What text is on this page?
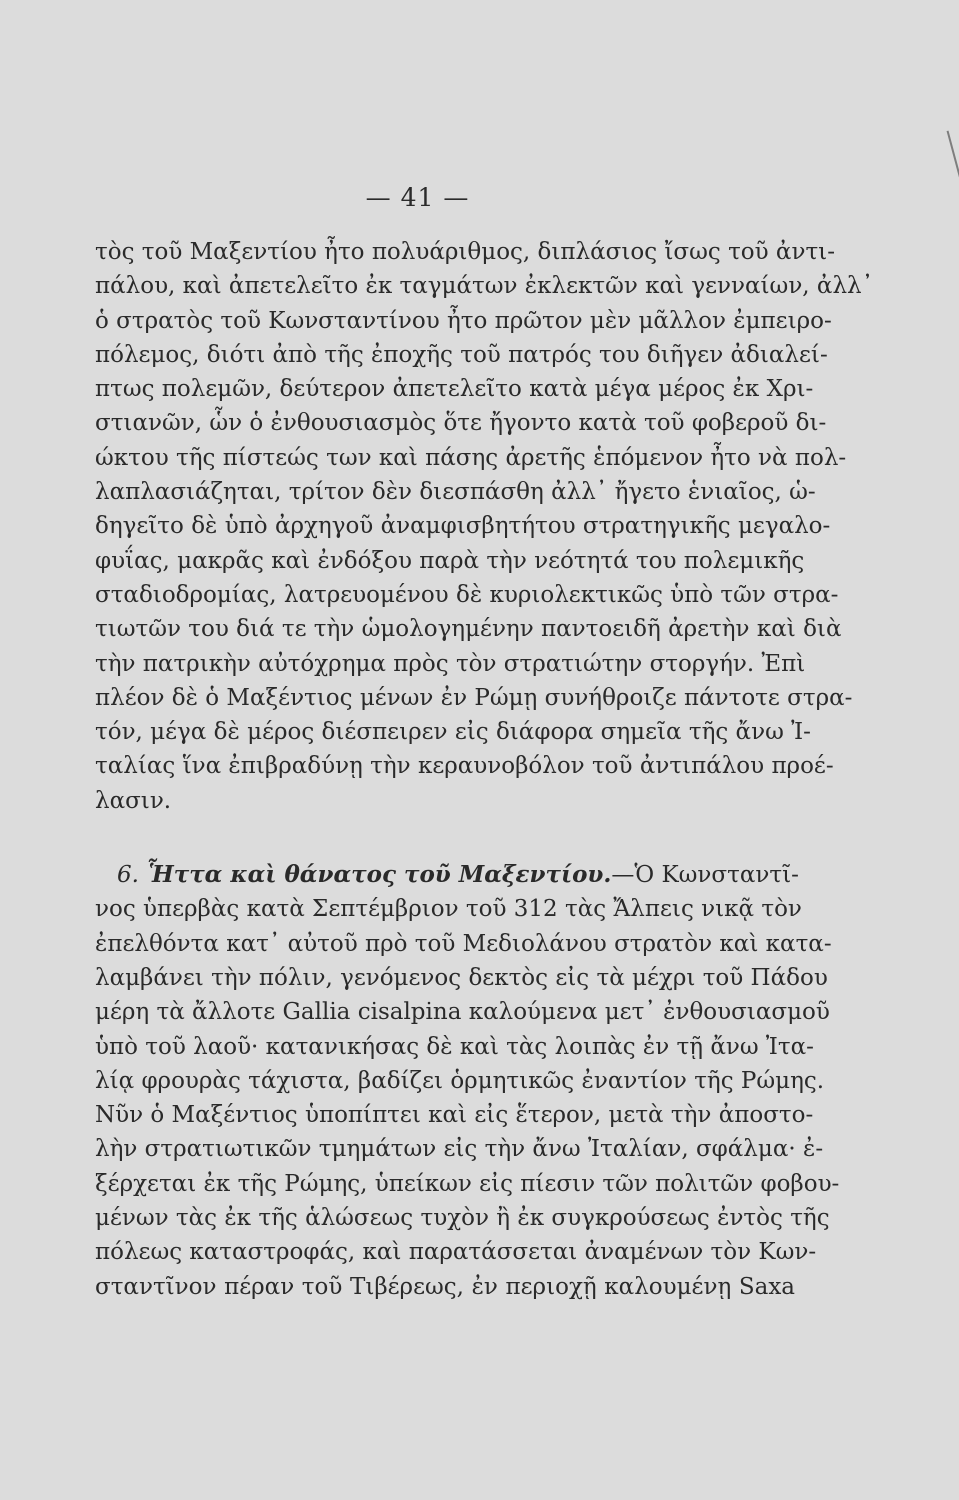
— 41 —
τὸς τοῦ Μαξεντίου ἦτο πολυάριθμος, διπλάσιος ἴσως τοῦ ἀντι-
πάλου, καὶ ἀπετελεῖτο ἐκ ταγμάτων ἐκλεκτῶν καὶ γενναίων, ἀλλ᾽
ὁ στρατὸς τοῦ Κωνσταντίνου ἦτο πρῶτον μὲν μᾶλλον ἐμπειρο-
πόλεμος, διότι ἀπὸ τῆς ἐποχῆς τοῦ πατρός του διῆγεν ἀδιαλεί-
πτως πολεμῶν, δεύτερον ἀπετελεῖτο κατὰ μέγα μέρος ἐκ Χρι-
στιανῶν, ὧν ὁ ἐνθουσιασμὸς ὅτε ἤγοντο κατὰ τοῦ φοβεροῦ δι-
ώκτου τῆς πίστεώς των καὶ πάσης ἀρετῆς ἑπόμενον ἦτο νὰ πολ-
λαπλασιάζηται, τρίτον δὲν διεσπάσθη ἀλλ᾽ ἤγετο ἑνιαῖος, ὡ-
δηγεῖτο δὲ ὑπὸ ἀρχηγοῦ ἀναμφισβητήτου στρατηγικῆς μεγαλο-
φυΐας, μακρᾶς καὶ ἐνδόξου παρὰ τὴν νεότητά του πολεμικῆς
σταδιοδρομίας, λατρευομένου δὲ κυριολεκτικῶς ὑπὸ τῶν στρα-
τιωτῶν του διά τε τὴν ὡμολογημένην παντοειδῆ ἀρετὴν καὶ διὰ
τὴν πατρικὴν αὐτόχρημα πρὸς τὸν στρατιώτην στοργήν. Ἐπὶ
πλέον δὲ ὁ Μαξέντιος μένων ἐν Ρώμῃ συνήθροιζε πάντοτε στρα-
τόν, μέγα δὲ μέρος διέσπειρεν εἰς διάφορα σημεῖα τῆς ἄνω Ἰ-
ταλίας ἵνα ἐπιβραδύνῃ τὴν κεραυνοβόλον τοῦ ἀντιπάλου προέ-
λασιν.
6. Ἧττα καὶ θάνατος τοῦ Μαξεντίου.—Ὁ Κωνσταντῖ-
νος ὑπερβὰς κατὰ Σεπτέμβριον τοῦ 312 τὰς Ἄλπεις νικᾷ τὸν
ἐπελθόντα κατ᾽ αὐτοῦ πρὸ τοῦ Μεδιολάνου στρατὸν καὶ κατα-
λαμβάνει τὴν πόλιν, γενόμενος δεκτὸς εἰς τὰ μέχρι τοῦ Πάδου
μέρη τὰ ἄλλοτε Gallia cisalpina καλούμενα μετ᾽ ἐνθουσιασμοῦ
ὑπὸ τοῦ λαοῦ· κατανικήσας δὲ καὶ τὰς λοιπὰς ἐν τῇ ἄνω Ἰτα-
λίᾳ φρουρὰς τάχιστα, βαδίζει ὁρμητικῶς ἐναντίον τῆς Ρώμης.
Νῦν ὁ Μαξέντιος ὑποπίπτει καὶ εἰς ἕτερον, μετὰ τὴν ἀποστο-
λὴν στρατιωτικῶν τμημάτων εἰς τὴν ἄνω Ἰταλίαν, σφάλμα· ἐ-
ξέρχεται ἐκ τῆς Ρώμης, ὑπείκων εἰς πίεσιν τῶν πολιτῶν φοβου-
μένων τὰς ἐκ τῆς ἁλώσεως τυχὸν ἢ ἐκ συγκρούσεως ἐντὸς τῆς
πόλεως καταστροφάς, καὶ παρατάσσεται ἀναμένων τὸν Κων-
σταντῖνον πέραν τοῦ Τιβέρεως, ἐν περιοχῇ καλουμένῃ Saxa
